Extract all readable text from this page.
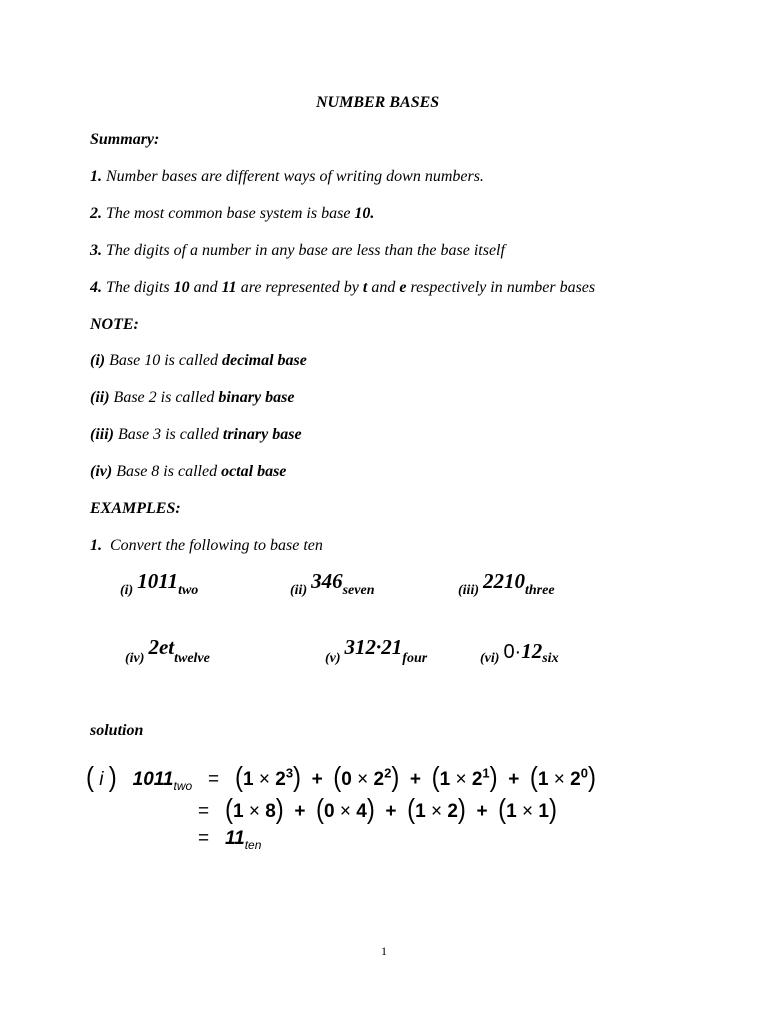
NUMBER BASES
Summary:
1. Number bases are different ways of writing down numbers.
2. The most common base system is base 10.
3. The digits of a number in any base are less than the base itself
4. The digits 10 and 11 are represented by t and e respectively in number bases
NOTE:
(i) Base 10 is called decimal base
(ii) Base 2 is called binary base
(iii) Base 3 is called trinary base
(iv) Base 8 is called octal base
EXAMPLES:
1. Convert the following to base ten
(i) 1011two	(ii) 346seven	(iii) 2210three
(iv) 2ettwelve	(v) 312·21four	(vi) 0·12six
solution
( i ) $1011_{two} = (1 \times 2^3) + (0 \times 2^2) + (1 \times 2^1) + (1 \times 2^0)$
= (1 × 8) + (0 × 4) + (1 × 2) + (1 × 1)
= $11_{ten}$
1
